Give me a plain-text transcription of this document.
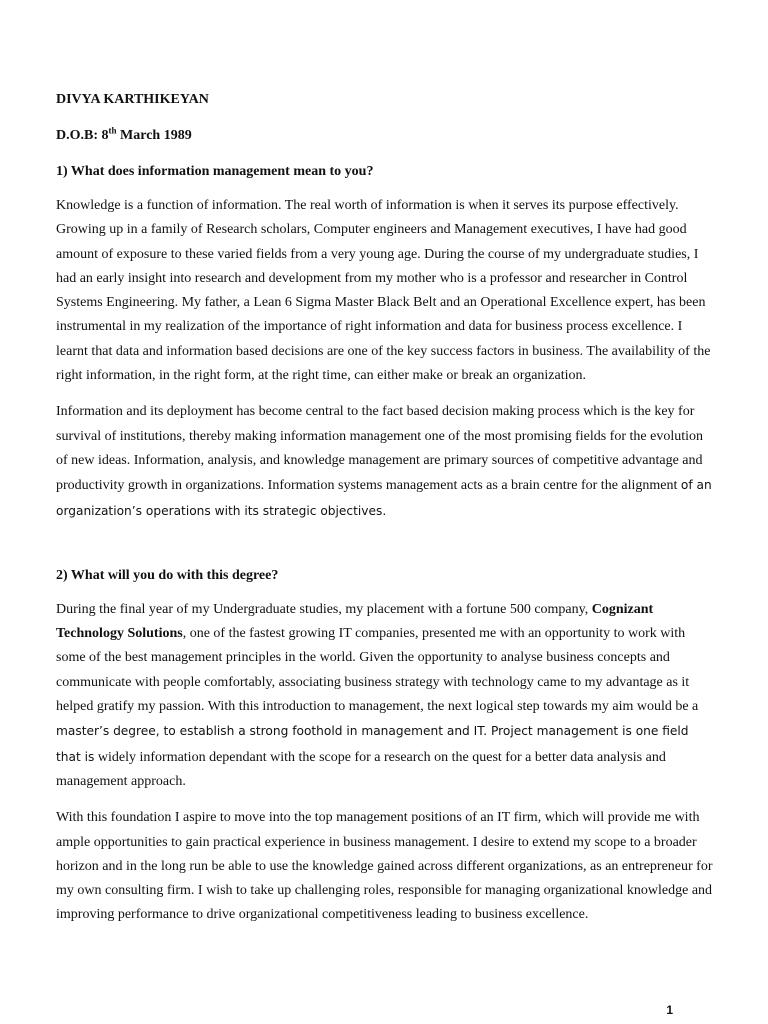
DIVYA KARTHIKEYAN

D.O.B: 8th March 1989

1) What does information management mean to you?

Knowledge is a function of information. The real worth of information is when it serves its purpose effectively. Growing up in a family of Research scholars, Computer engineers and Management executives, I have had good amount of exposure to these varied fields from a very young age. During the course of my undergraduate studies, I had an early insight into research and development from my mother who is a professor and researcher in Control Systems Engineering. My father, a Lean 6 Sigma Master Black Belt and an Operational Excellence expert, has been instrumental in my realization of the importance of right information and data for business process excellence. I learnt that data and information based decisions are one of the key success factors in business. The availability of the right information, in the right form, at the right time, can either make or break an organization.

Information and its deployment has become central to the fact based decision making process which is the key for survival of institutions, thereby making information management one of the most promising fields for the evolution of new ideas. Information, analysis, and knowledge management are primary sources of competitive advantage and productivity growth in organizations. Information systems management acts as a brain centre for the alignment of an organization’s operations with its strategic objectives.

2) What will you do with this degree?

During the final year of my Undergraduate studies, my placement with a fortune 500 company, Cognizant Technology Solutions, one of the fastest growing IT companies, presented me with an opportunity to work with some of the best management principles in the world. Given the opportunity to analyse business concepts and communicate with people comfortably, associating business strategy with technology came to my advantage as it helped gratify my passion. With this introduction to management, the next logical step towards my aim would be a master’s degree, to establish a strong foothold in management and IT. Project management is one field that is widely information dependant with the scope for a research on the quest for a better data analysis and management approach.

With this foundation I aspire to move into the top management positions of an IT firm, which will provide me with ample opportunities to gain practical experience in business management. I desire to extend my scope to a broader horizon and in the long run be able to use the knowledge gained across different organizations, as an entrepreneur for my own consulting firm. I wish to take up challenging roles, responsible for managing organizational knowledge and improving performance to drive organizational competitiveness leading to business excellence.

1
